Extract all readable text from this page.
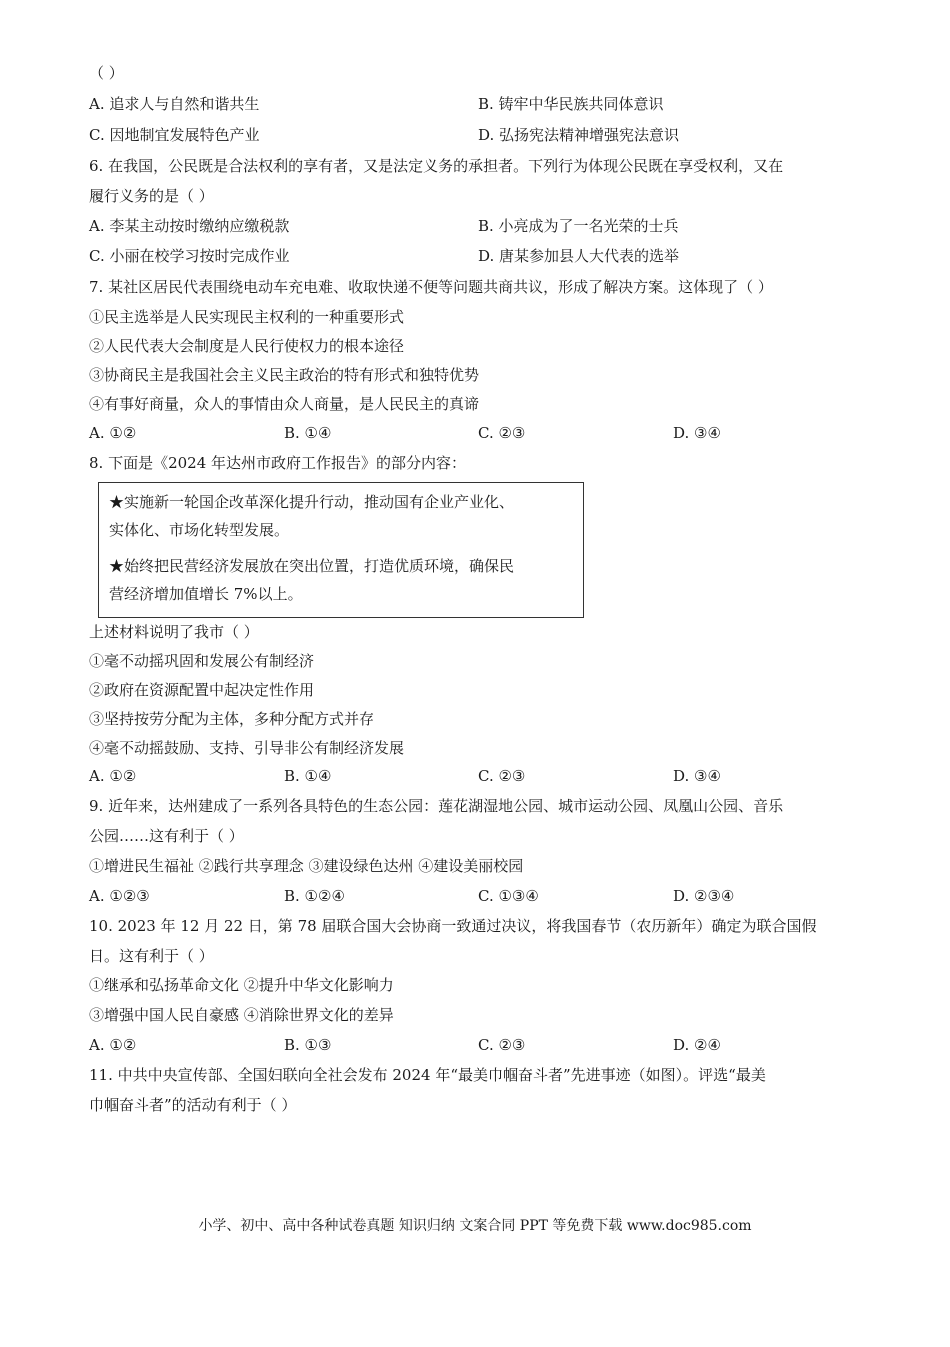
（ ）
A. 追求人与自然和谐共生	B. 铸牢中华民族共同体意识
C. 因地制宜发展特色产业	D. 弘扬宪法精神增强宪法意识
6. 在我国，公民既是合法权利的享有者，又是法定义务的承担者。下列行为体现公民既在享受权利，又在
履行义务的是（ ）
A. 李某主动按时缴纳应缴税款	B. 小亮成为了一名光荣的士兵
C. 小丽在校学习按时完成作业	D. 唐某参加县人大代表的选举
7. 某社区居民代表围绕电动车充电难、收取快递不便等问题共商共议，形成了解决方案。这体现了（ ）
①民主选举是人民实现民主权利的一种重要形式
②人民代表大会制度是人民行使权力的根本途径
③协商民主是我国社会主义民主政治的特有形式和独特优势
④有事好商量，众人的事情由众人商量，是人民民主的真谛
A. ①②	B. ①④	C. ②③	D. ③④
8. 下面是《2024 年达州市政府工作报告》的部分内容：
★实施新一轮国企改革深化提升行动，推动国有企业产业化、
实体化、市场化转型发展。
★始终把民营经济发展放在突出位置，打造优质环境，确保民
营经济增加值增长 7%以上。
上述材料说明了我市（ ）
①毫不动摇巩固和发展公有制经济
②政府在资源配置中起决定性作用
③坚持按劳分配为主体，多种分配方式并存
④毫不动摇鼓励、支持、引导非公有制经济发展
A. ①②	B. ①④	C. ②③	D. ③④
9. 近年来，达州建成了一系列各具特色的生态公园：莲花湖湿地公园、城市运动公园、凤凰山公园、音乐
公园……这有利于（ ）
①增进民生福祉 ②践行共享理念 ③建设绿色达州 ④建设美丽校园
A. ①②③	B. ①②④	C. ①③④	D. ②③④
10. 2023 年 12 月 22 日，第 78 届联合国大会协商一致通过决议，将我国春节（农历新年）确定为联合国假
日。这有利于（ ）
①继承和弘扬革命文化 ②提升中华文化影响力
③增强中国人民自豪感 ④消除世界文化的差异
A. ①②	B. ①③	C. ②③	D. ②④
11. 中共中央宣传部、全国妇联向全社会发布 2024 年“最美巾帼奋斗者”先进事迹（如图）。评选“最美
巾帼奋斗者”的活动有利于（ ）
小学、初中、高中各种试卷真题 知识归纳 文案合同 PPT 等免费下载 www.doc985.com
